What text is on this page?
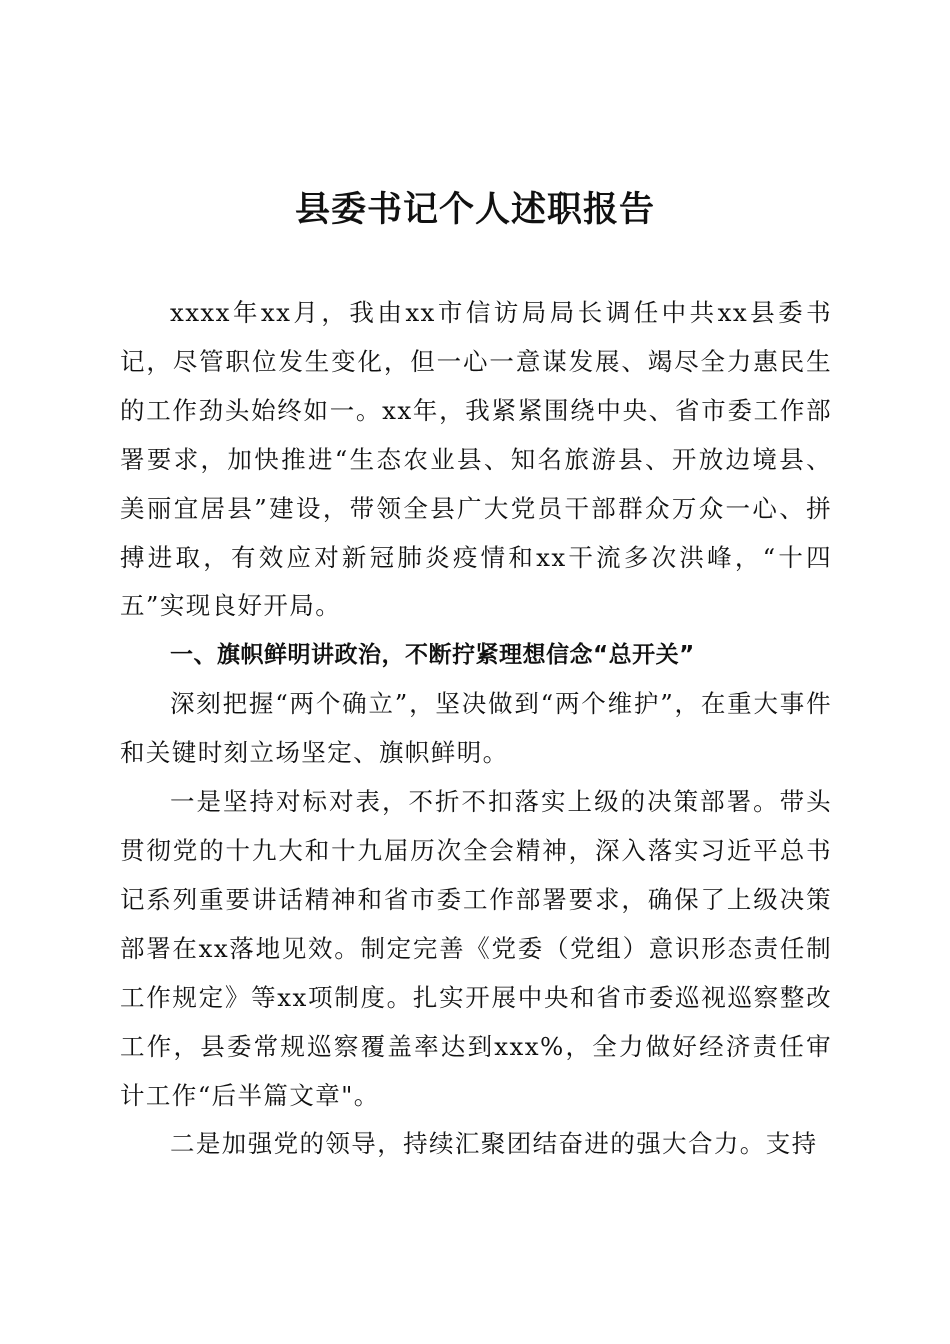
县委书记个人述职报告

xxxx年xx月，我由xx市信访局局长调任中共xx县委书记，尽管职位发生变化，但一心一意谋发展、竭尽全力惠民生的工作劲头始终如一。xx年，我紧紧围绕中央、省市委工作部署要求，加快推进“生态农业县、知名旅游县、开放边境县、美丽宜居县”建设，带领全县广大党员干部群众万众一心、拼搏进取，有效应对新冠肺炎疫情和xx干流多次洪峰，“十四五”实现良好开局。

一、旗帜鲜明讲政治，不断拧紧理想信念“总开关”

深刻把握“两个确立”，坚决做到“两个维护”，在重大事件和关键时刻立场坚定、旗帜鲜明。

一是坚持对标对表，不折不扣落实上级的决策部署。带头贯彻党的十九大和十九届历次全会精神，深入落实习近平总书记系列重要讲话精神和省市委工作部署要求，确保了上级决策部署在xx落地见效。制定完善《党委（党组）意识形态责任制工作规定》等xx项制度。扎实开展中央和省市委巡视巡察整改工作，县委常规巡察覆盖率达到xxx%，全力做好经济责任审计工作“后半篇文章"。

二是加强党的领导，持续汇聚团结奋进的强大合力。支持
